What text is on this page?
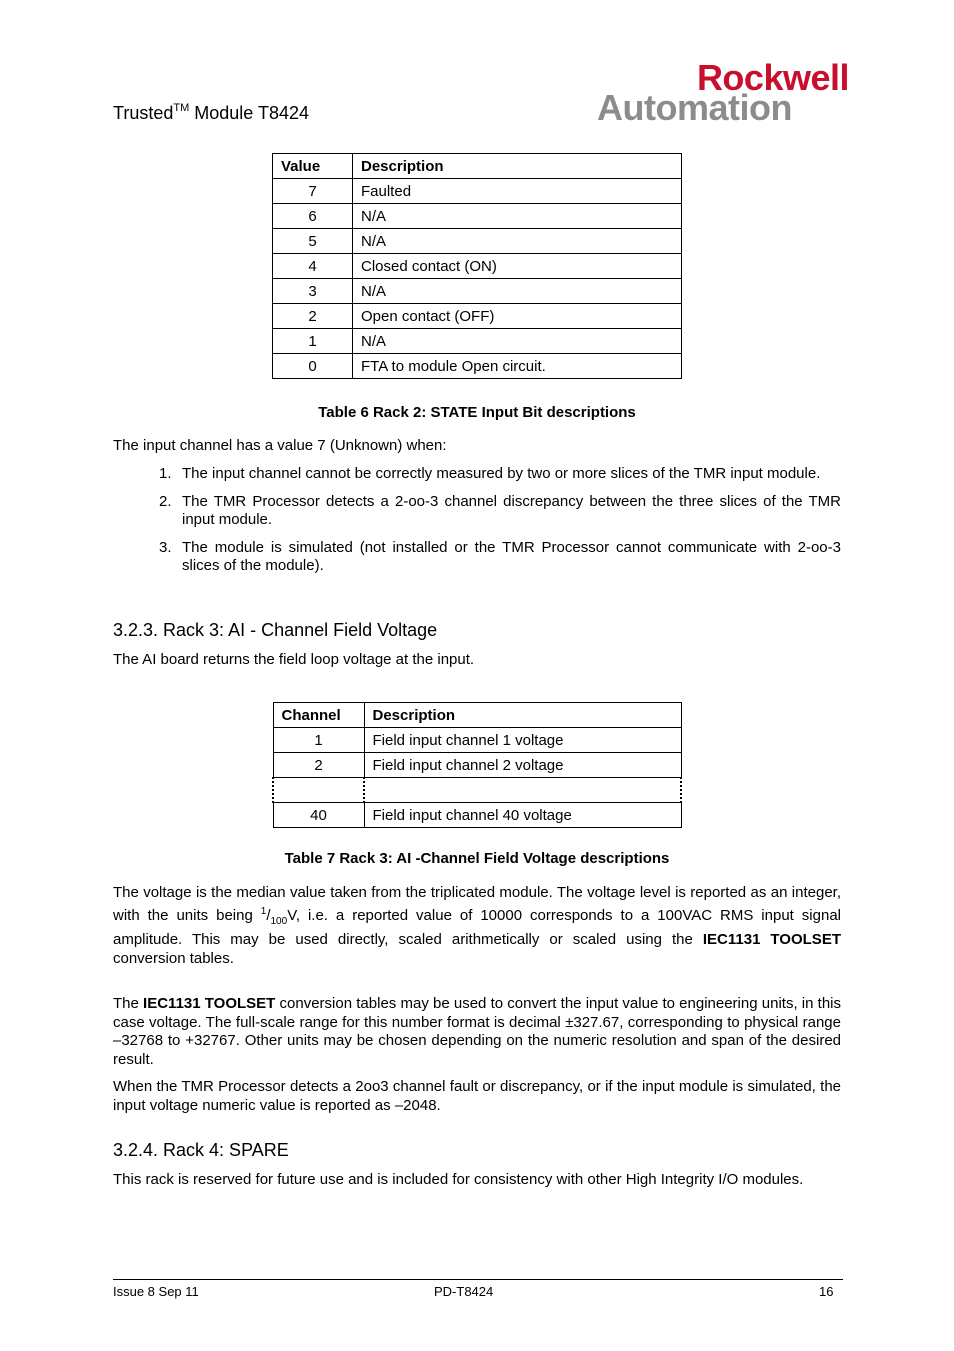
Trusted™ Module T8424
Rockwell
Automation
Value	Description
7	Faulted
6	N/A
5	N/A
4	Closed contact (ON)
3	N/A
2	Open contact (OFF)
1	N/A
0	FTA to module Open circuit.
Table 6 Rack 2: STATE Input Bit descriptions
The input channel has a value 7 (Unknown) when:
1. The input channel cannot be correctly measured by two or more slices of the TMR input module.
2. The TMR Processor detects a 2-oo-3 channel discrepancy between the three slices of the TMR input module.
3. The module is simulated (not installed or the TMR Processor cannot communicate with 2-oo-3 slices of the module).
3.2.3. Rack 3: AI - Channel Field Voltage
The AI board returns the field loop voltage at the input.
Channel	Description
1	Field input channel 1 voltage
2	Field input channel 2 voltage

40	Field input channel 40 voltage
Table 7 Rack 3: AI -Channel Field Voltage descriptions
The voltage is the median value taken from the triplicated module. The voltage level is reported as an integer, with the units being $^1/_{100}V$, i.e. a reported value of 10000 corresponds to a 100VAC RMS input signal amplitude. This may be used directly, scaled arithmetically or scaled using the IEC1131 TOOLSET conversion tables.
The IEC1131 TOOLSET conversion tables may be used to convert the input value to engineering units, in this case voltage. The full-scale range for this number format is decimal ±327.67, corresponding to physical range –32768 to +32767. Other units may be chosen depending on the numeric resolution and span of the desired result.
When the TMR Processor detects a 2oo3 channel fault or discrepancy, or if the input module is simulated, the input voltage numeric value is reported as –2048.
3.2.4. Rack 4: SPARE
This rack is reserved for future use and is included for consistency with other High Integrity I/O modules.
Issue 8 Sep 11	PD-T8424	16
